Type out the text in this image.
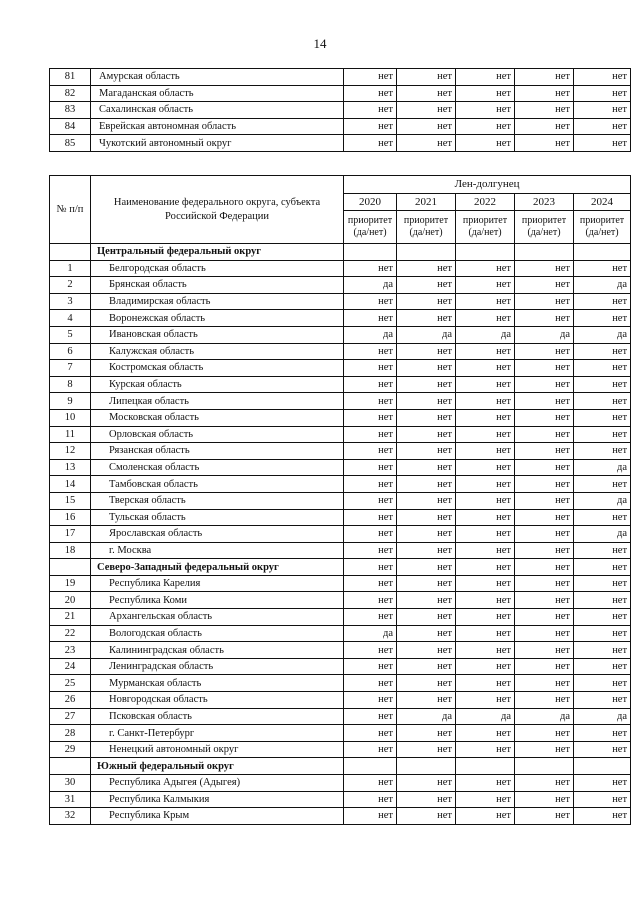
14
81	Амурская область	нет	нет	нет	нет	нет
82	Магаданская область	нет	нет	нет	нет	нет
83	Сахалинская область	нет	нет	нет	нет	нет
84	Еврейская автономная область	нет	нет	нет	нет	нет
85	Чукотский автономный округ	нет	нет	нет	нет	нет
№ п/п	Наименование федерального округа, субъекта Российской Федерации	Лен-долгунец				
		2020	2021	2022	2023	2024
		приоритет (да/нет)	приоритет (да/нет)	приоритет (да/нет)	приоритет (да/нет)	приоритет (да/нет)
	Центральный федеральный округ					
1	Белгородская область	нет	нет	нет	нет	нет
2	Брянская область	да	нет	нет	нет	да
3	Владимирская область	нет	нет	нет	нет	нет
4	Воронежская область	нет	нет	нет	нет	нет
5	Ивановская область	да	да	да	да	да
6	Калужская область	нет	нет	нет	нет	нет
7	Костромская область	нет	нет	нет	нет	нет
8	Курская область	нет	нет	нет	нет	нет
9	Липецкая область	нет	нет	нет	нет	нет
10	Московская область	нет	нет	нет	нет	нет
11	Орловская область	нет	нет	нет	нет	нет
12	Рязанская область	нет	нет	нет	нет	нет
13	Смоленская область	нет	нет	нет	нет	да
14	Тамбовская область	нет	нет	нет	нет	нет
15	Тверская область	нет	нет	нет	нет	да
16	Тульская область	нет	нет	нет	нет	нет
17	Ярославская область	нет	нет	нет	нет	да
18	г. Москва	нет	нет	нет	нет	нет
	Северо-Западный федеральный округ	нет	нет	нет	нет	нет
19	Республика Карелия	нет	нет	нет	нет	нет
20	Республика Коми	нет	нет	нет	нет	нет
21	Архангельская область	нет	нет	нет	нет	нет
22	Вологодская область	да	нет	нет	нет	нет
23	Калининградская область	нет	нет	нет	нет	нет
24	Ленинградская область	нет	нет	нет	нет	нет
25	Мурманская область	нет	нет	нет	нет	нет
26	Новгородская область	нет	нет	нет	нет	нет
27	Псковская область	нет	да	да	да	да
28	г. Санкт-Петербург	нет	нет	нет	нет	нет
29	Ненецкий автономный округ	нет	нет	нет	нет	нет
	Южный федеральный округ					
30	Республика Адыгея (Адыгея)	нет	нет	нет	нет	нет
31	Республика Калмыкия	нет	нет	нет	нет	нет
32	Республика Крым	нет	нет	нет	нет	нет
